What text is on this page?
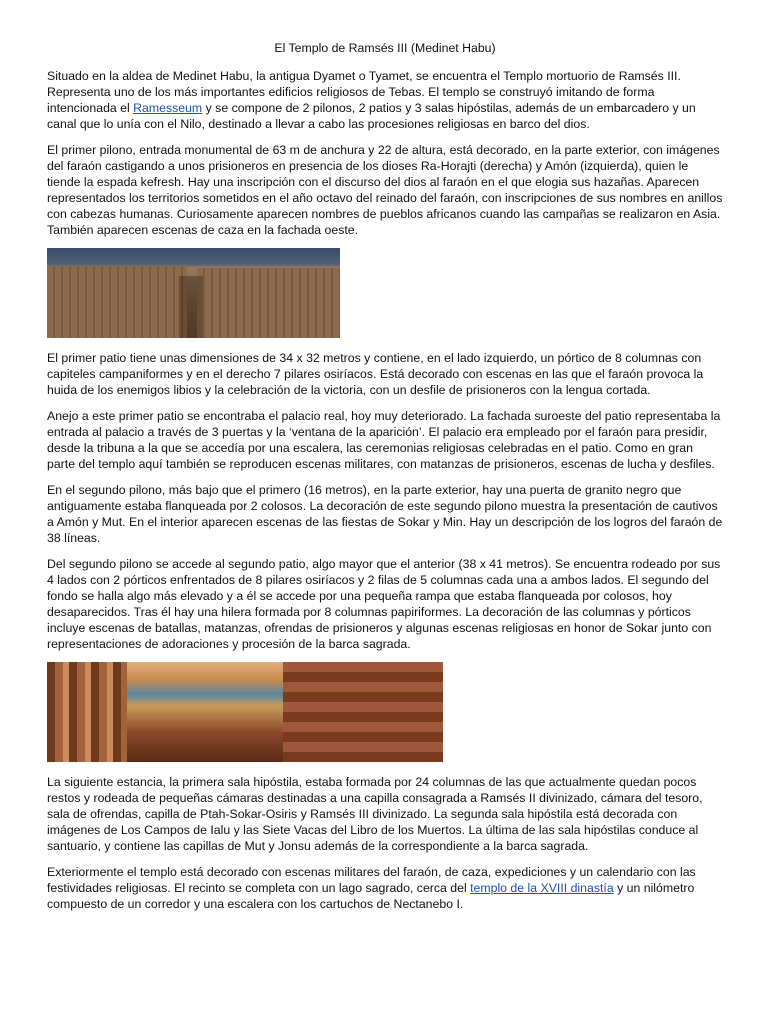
El Templo de Ramsés III (Medinet Habu)

Situado en la aldea de Medinet Habu, la antigua Dyamet o Tyamet, se encuentra el Templo mortuorio de Ramsés III. Representa uno de los más importantes edificios religiosos de Tebas. El templo se construyó imitando de forma intencionada el Ramesseum y se compone de 2 pilonos, 2 patios y 3 salas hipóstilas, además de un embarcadero y un canal que lo unía con el Nilo, destinado a llevar a cabo las procesiones religiosas en barco del dios.

El primer pilono, entrada monumental de 63 m de anchura y 22 de altura, está decorado, en la parte exterior, con imágenes del faraón castigando a unos prisioneros en presencia de los dioses Ra-Horajti (derecha) y Amón (izquierda), quien le tiende la espada kefresh. Hay una inscripción con el discurso del dios al faraón en el que elogia sus hazañas. Aparecen representados los territorios sometidos en el año octavo del reinado del faraón, con inscripciones de sus nombres en anillos con cabezas humanas. Curiosamente aparecen nombres de pueblos africanos cuando las campañas se realizaron en Asia. También aparecen escenas de caza en la fachada oeste.

El primer patio tiene unas dimensiones de 34 x 32 metros y contiene, en el lado izquierdo, un pórtico de 8 columnas con capiteles campaniformes y en el derecho 7 pilares osiríacos. Está decorado con escenas en las que el faraón provoca la huida de los enemigos libios y la celebración de la victoria, con un desfile de prisioneros con la lengua cortada.

Anejo a este primer patio se encontraba el palacio real, hoy muy deteriorado. La fachada suroeste del patio representaba la entrada al palacio a través de 3 puertas y la ‘ventana de la aparición’. El palacio era empleado por el faraón para presidir, desde la tribuna a la que se accedía por una escalera, las ceremonias religiosas celebradas en el patio. Como en gran parte del templo aquí también se reproducen escenas militares, con matanzas de prisioneros, escenas de lucha y desfiles.

En el segundo pilono, más bajo que el primero (16 metros), en la parte exterior, hay una puerta de granito negro que antiguamente estaba flanqueada por 2 colosos. La decoración de este segundo pilono muestra la presentación de cautivos a Amón y Mut. En el interior aparecen escenas de las fiestas de Sokar y Min. Hay un descripción de los logros del faraón de 38 líneas.

Del segundo pilono se accede al segundo patio, algo mayor que el anterior (38 x 41 metros). Se encuentra rodeado por sus 4 lados con 2 pórticos enfrentados de 8 pilares osiríacos y 2 filas de 5 columnas cada una a ambos lados. El segundo del fondo se halla algo más elevado y a él se accede por una pequeña rampa que estaba flanqueada por colosos, hoy desaparecidos. Tras él hay una hilera formada por 8 columnas papiriformes. La decoración de las columnas y pórticos incluye escenas de batallas, matanzas, ofrendas de prisioneros y algunas escenas religiosas en honor de Sokar junto con representaciones de adoraciones y procesión de la barca sagrada.

La siguiente estancia, la primera sala hipóstila, estaba formada por 24 columnas de las que actualmente quedan pocos restos y rodeada de pequeñas cámaras destinadas a una capilla consagrada a Ramsés II divinizado, cámara del tesoro, sala de ofrendas, capilla de Ptah-Sokar-Osiris y Ramsés III divinizado. La segunda sala hipóstila está decorada con imágenes de Los Campos de Ialu y las Siete Vacas del Libro de los Muertos. La última de las sala hipóstilas conduce al santuario, y contiene las capillas de Mut y Jonsu además de la correspondiente a la barca sagrada.

Exteriormente el templo está decorado con escenas militares del faraón, de caza, expediciones y un calendario con las festividades religiosas. El recinto se completa con un lago sagrado, cerca del templo de la XVIII dinastía y un nilómetro compuesto de un corredor y una escalera con los cartuchos de Nectanebo I.
